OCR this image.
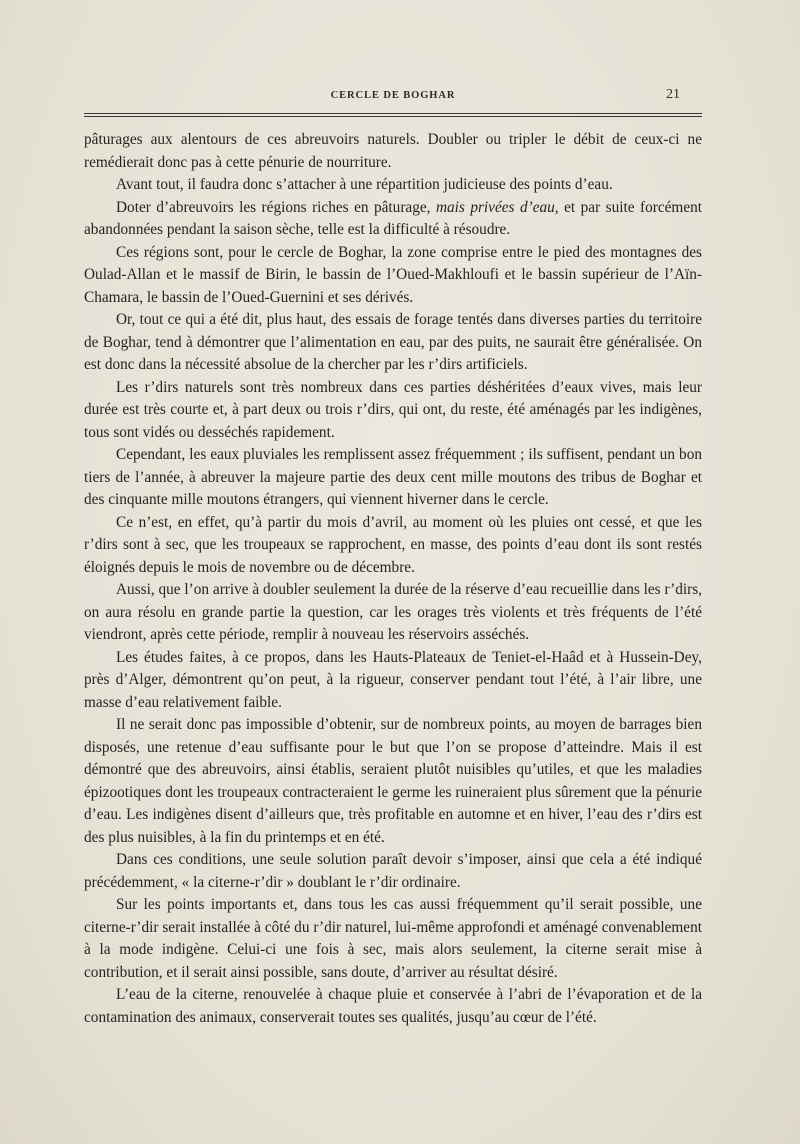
CERCLE DE BOGHAR	21

pâturages aux alentours de ces abreuvoirs naturels. Doubler ou tripler le débit de ceux-ci ne remédierait donc pas à cette pénurie de nourriture.

Avant tout, il faudra donc s’attacher à une répartition judicieuse des points d’eau.

Doter d’abreuvoirs les régions riches en pâturage, mais privées d’eau, et par suite forcément abandonnées pendant la saison sèche, telle est la difficulté à résoudre.

Ces régions sont, pour le cercle de Boghar, la zone comprise entre le pied des montagnes des Oulad-Allan et le massif de Birin, le bassin de l’Oued-Makhloufi et le bassin supérieur de l’Aïn-Chamara, le bassin de l’Oued-Guernini et ses dérivés.

Or, tout ce qui a été dit, plus haut, des essais de forage tentés dans diverses parties du territoire de Boghar, tend à démontrer que l’alimentation en eau, par des puits, ne saurait être généralisée. On est donc dans la nécessité absolue de la chercher par les r’dirs artificiels.

Les r’dirs naturels sont très nombreux dans ces parties déshéritées d’eaux vives, mais leur durée est très courte et, à part deux ou trois r’dirs, qui ont, du reste, été aménagés par les indigènes, tous sont vidés ou desséchés rapidement.

Cependant, les eaux pluviales les remplissent assez fréquemment ; ils suffisent, pendant un bon tiers de l’année, à abreuver la majeure partie des deux cent mille moutons des tribus de Boghar et des cinquante mille moutons étrangers, qui viennent hiverner dans le cercle.

Ce n’est, en effet, qu’à partir du mois d’avril, au moment où les pluies ont cessé, et que les r’dirs sont à sec, que les troupeaux se rapprochent, en masse, des points d’eau dont ils sont restés éloignés depuis le mois de novembre ou de décembre.

Aussi, que l’on arrive à doubler seulement la durée de la réserve d’eau recueillie dans les r’dirs, on aura résolu en grande partie la question, car les orages très violents et très fréquents de l’été viendront, après cette période, remplir à nouveau les réservoirs asséchés.

Les études faites, à ce propos, dans les Hauts-Plateaux de Teniet-el-Haâd et à Hussein-Dey, près d’Alger, démontrent qu’on peut, à la rigueur, conserver pendant tout l’été, à l’air libre, une masse d’eau relativement faible.

Il ne serait donc pas impossible d’obtenir, sur de nombreux points, au moyen de barrages bien disposés, une retenue d’eau suffisante pour le but que l’on se propose d’atteindre. Mais il est démontré que des abreuvoirs, ainsi établis, seraient plutôt nuisibles qu’utiles, et que les maladies épizootiques dont les troupeaux contracteraient le germe les ruineraient plus sûrement que la pénurie d’eau. Les indigènes disent d’ailleurs que, très profitable en automne et en hiver, l’eau des r’dirs est des plus nuisibles, à la fin du printemps et en été.

Dans ces conditions, une seule solution paraît devoir s’imposer, ainsi que cela a été indiqué précédemment, « la citerne-r’dir » doublant le r’dir ordinaire.

Sur les points importants et, dans tous les cas aussi fréquemment qu’il serait possible, une citerne-r’dir serait installée à côté du r’dir naturel, lui-même approfondi et aménagé convenablement à la mode indigène. Celui-ci une fois à sec, mais alors seulement, la citerne serait mise à contribution, et il serait ainsi possible, sans doute, d’arriver au résultat désiré.

L’eau de la citerne, renouvelée à chaque pluie et conservée à l’abri de l’évaporation et de la contamination des animaux, conserverait toutes ses qualités, jusqu’au cœur de l’été.
